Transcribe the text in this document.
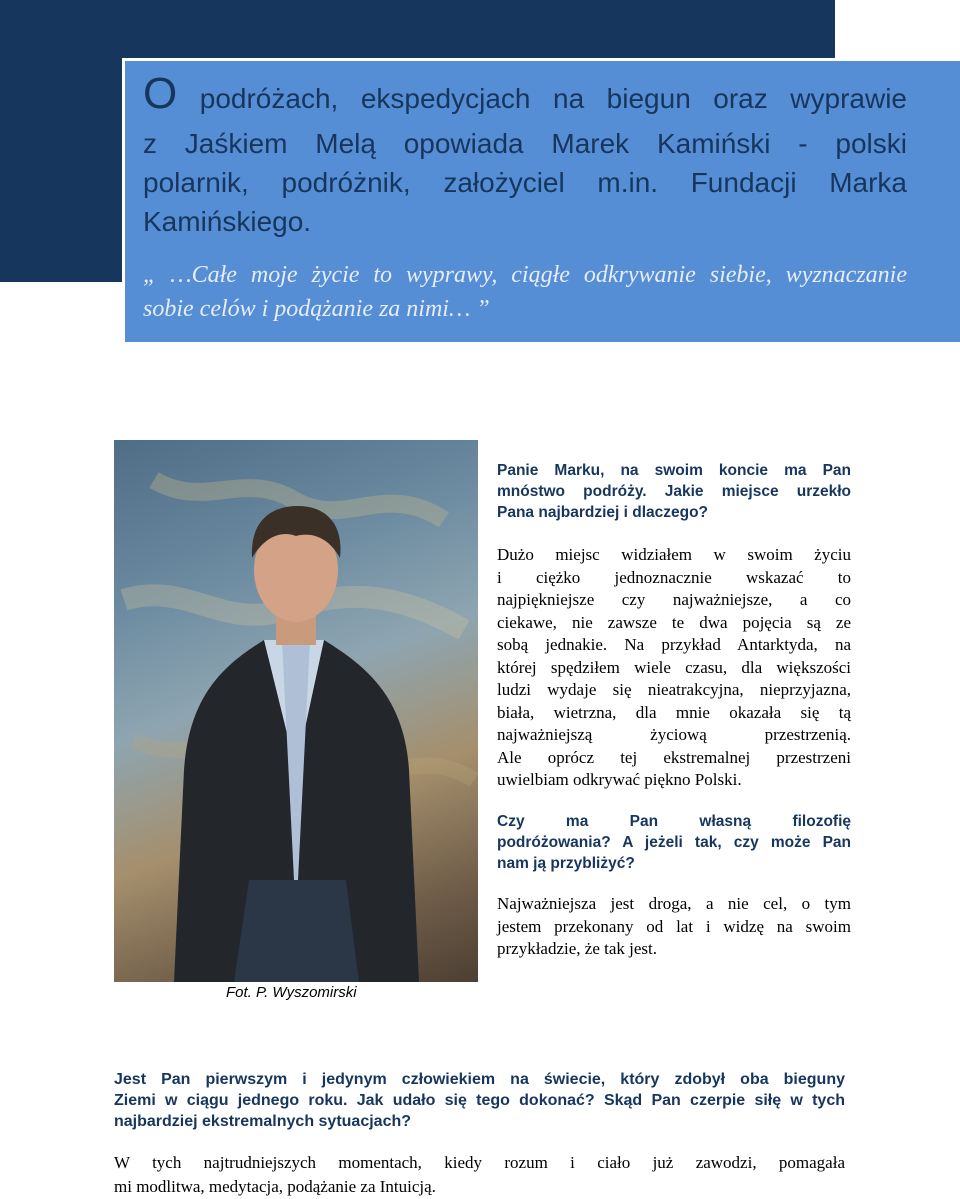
O podróżach, ekspedycjach na biegun oraz wyprawie

z Jaśkiem Melą opowiada Marek Kamiński - polski

polarnik, podróżnik, założyciel m.in. Fundacji Marka

Kamińskiego.

„ …Całe moje życie to wyprawy, ciągłe odkrywanie siebie, wyznaczanie

sobie celów i podążanie za nimi… ”

Fot. P. Wyszomirski

Panie Marku, na swoim koncie ma Pan

mnóstwo podróży. Jakie miejsce urzekło

Pana najbardziej i dlaczego?

Dużo miejsc widziałem w swoim życiu

i ciężko jednoznacznie wskazać to

najpiękniejsze czy najważniejsze, a co

ciekawe, nie zawsze te dwa pojęcia są ze

sobą jednakie. Na przykład Antarktyda, na

której spędziłem wiele czasu, dla większości

ludzi wydaje się nieatrakcyjna, nieprzyjazna,

biała, wietrzna, dla mnie okazała się tą

najważniejszą życiową przestrzenią.

Ale oprócz tej ekstremalnej przestrzeni

uwielbiam odkrywać piękno Polski.

Czy ma Pan własną filozofię

podróżowania? A jeżeli tak, czy może Pan

nam ją przybliżyć?

Najważniejsza jest droga, a nie cel, o tym

jestem przekonany od lat i widzę na swoim

przykładzie, że tak jest.

Jest Pan pierwszym i jedynym człowiekiem na świecie, który zdobył oba bieguny

Ziemi w ciągu jednego roku. Jak udało się tego dokonać? Skąd Pan czerpie siłę w tych

najbardziej ekstremalnych sytuacjach?

W tych najtrudniejszych momentach, kiedy rozum i ciało już zawodzi, pomagała

mi modlitwa, medytacja, podążanie za Intuicją.
